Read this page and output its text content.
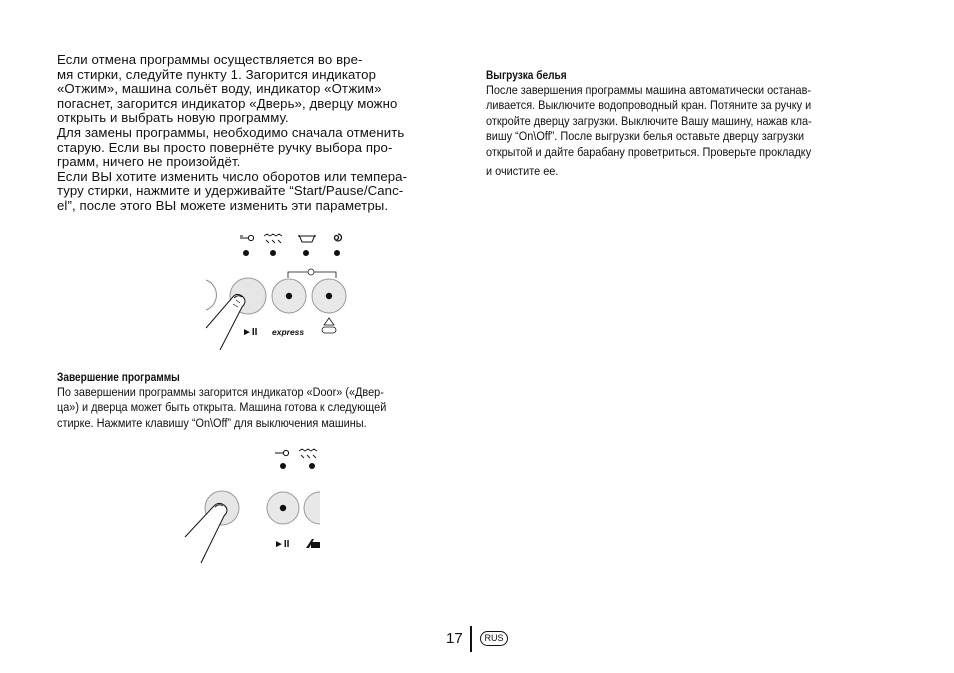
Если отмена программы осуществляется во вре-
мя стирки, следуйте пункту 1. Загорится индикатор
«Отжим», машина сольёт воду, индикатор «Отжим»
погаснет, загорится индикатор «Дверь», дверцу можно
открыть и выбрать новую программу.
Для замены программы, необходимо сначала отменить
старую. Если вы просто повернёте ручку выбора про-
грамм, ничего не произойдёт.
Если ВЫ хотите изменить число оборотов или темпера-
туру стирки, нажмите и удерживайте “Start/Pause/Canc-
el”, после этого ВЫ можете изменить эти параметры.
►II express
Завершение программы
По завершении программы загорится индикатор «Door» («Двер-
ца») и дверца может быть открыта. Машина готова к следующей
стирке. Нажмите клавишу “On\Off” для выключения машины.
►II
Выгрузка белья
После завершения программы машина автоматически останав-
ливается. Выключите водопроводный кран. Потяните за ручку и
откройте дверцу загрузки. Выключите Вашу машину, нажав кла-
вишу “On\Off”. После выгрузки белья оставьте дверцу загрузки
открытой и дайте барабану проветриться. Проверьте прокладку
и очистите ее.
17	RUS
